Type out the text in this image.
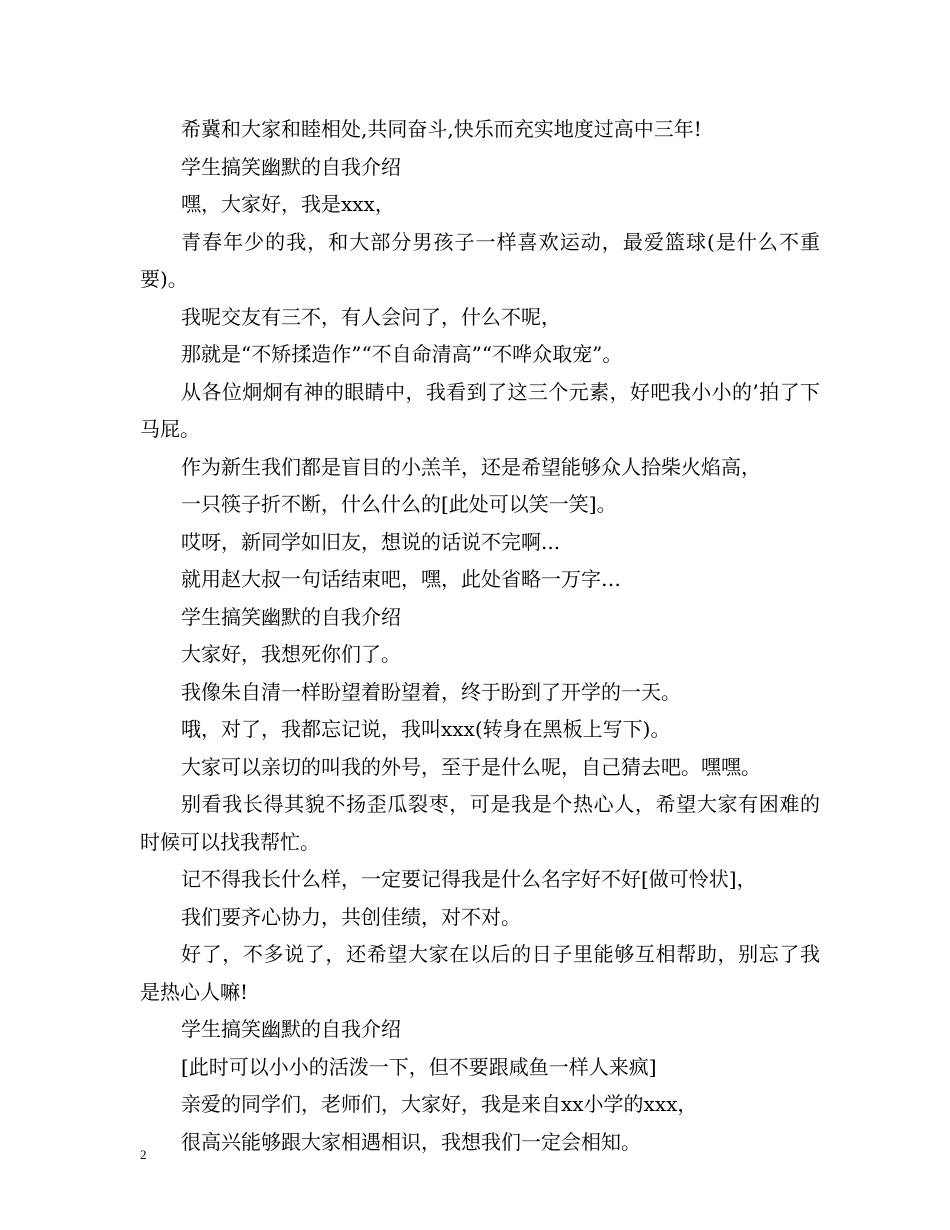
希冀和大家和睦相处,共同奋斗,快乐而充实地度过高中三年!

学生搞笑幽默的自我介绍

嘿，大家好，我是xxx，

青春年少的我，和大部分男孩子一样喜欢运动，最爱篮球(是什么不重要)。

我呢交友有三不，有人会问了，什么不呢，

那就是“不矫揉造作”“不自命清高”“不哗众取宠”。

从各位炯炯有神的眼睛中，我看到了这三个元素，好吧我小小的’拍了下马屁。

作为新生我们都是盲目的小羔羊，还是希望能够众人拾柴火焰高，

一只筷子折不断，什么什么的[此处可以笑一笑]。

哎呀，新同学如旧友，想说的话说不完啊...

就用赵大叔一句话结束吧，嘿，此处省略一万字…

学生搞笑幽默的自我介绍

大家好，我想死你们了。

我像朱自清一样盼望着盼望着，终于盼到了开学的一天。

哦，对了，我都忘记说，我叫xxx(转身在黑板上写下)。

大家可以亲切的叫我的外号，至于是什么呢，自己猜去吧。嘿嘿。

别看我长得其貌不扬歪瓜裂枣，可是我是个热心人，希望大家有困难的时候可以找我帮忙。

记不得我长什么样，一定要记得我是什么名字好不好[做可怜状]，

我们要齐心协力，共创佳绩，对不对。

好了，不多说了，还希望大家在以后的日子里能够互相帮助，别忘了我是热心人嘛!

学生搞笑幽默的自我介绍

[此时可以小小的活泼一下，但不要跟咸鱼一样人来疯]

亲爱的同学们，老师们，大家好，我是来自xx小学的xxx，

很高兴能够跟大家相遇相识，我想我们一定会相知。

2
